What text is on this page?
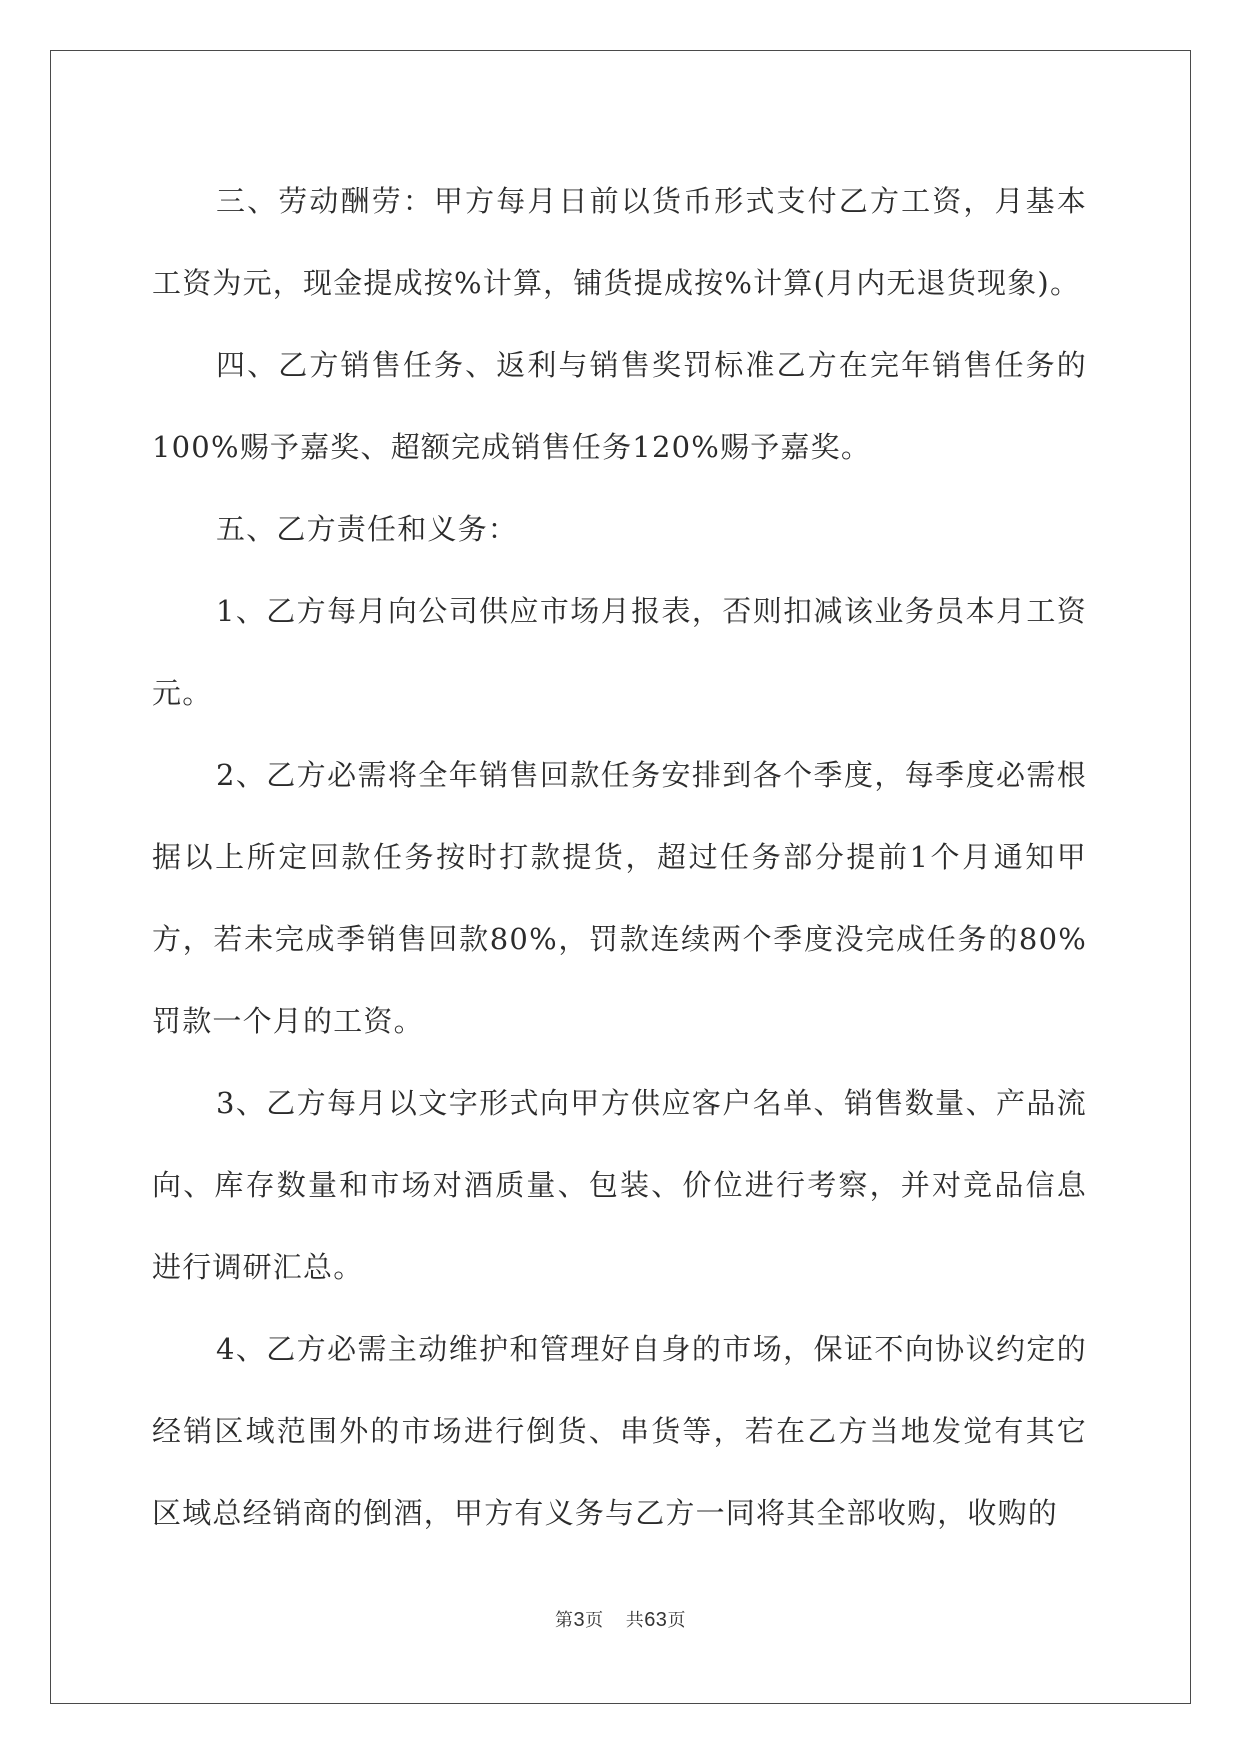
三、劳动酬劳：甲方每月日前以货币形式支付乙方工资，月基本工资为元，现金提成按%计算，铺货提成按%计算(月内无退货现象)。

四、乙方销售任务、返利与销售奖罚标准乙方在完年销售任务的100%赐予嘉奖、超额完成销售任务120%赐予嘉奖。

五、乙方责任和义务：

1、乙方每月向公司供应市场月报表，否则扣减该业务员本月工资元。

2、乙方必需将全年销售回款任务安排到各个季度，每季度必需根据以上所定回款任务按时打款提货，超过任务部分提前1个月通知甲方，若未完成季销售回款80%，罚款连续两个季度没完成任务的80%罚款一个月的工资。

3、乙方每月以文字形式向甲方供应客户名单、销售数量、产品流向、库存数量和市场对酒质量、包装、价位进行考察，并对竞品信息进行调研汇总。

4、乙方必需主动维护和管理好自身的市场，保证不向协议约定的经销区域范围外的市场进行倒货、串货等，若在乙方当地发觉有其它区域总经销商的倒酒，甲方有义务与乙方一同将其全部收购，收购的

第3页 共63页
